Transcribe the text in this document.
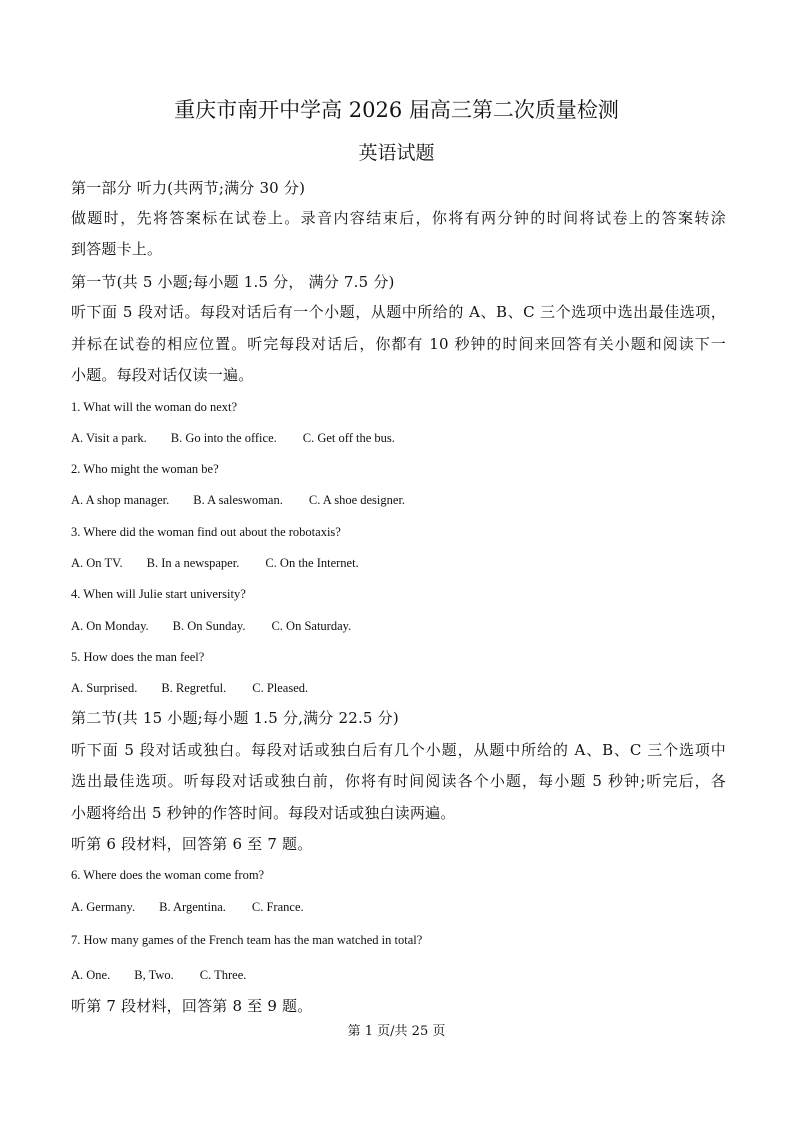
重庆市南开中学高 2026 届高三第二次质量检测
英语试题
第一部分 听力(共两节;满分 30 分)
做题时，先将答案标在试卷上。录音内容结束后，你将有两分钟的时间将试卷上的答案转涂
到答题卡上。
第一节(共 5 小题;每小题 1.5 分， 满分 7.5 分)
听下面 5 段对话。每段对话后有一个小题，从题中所给的 A、B、C 三个选项中选出最佳选项，
并标在试卷的相应位置。听完每段对话后，你都有 10 秒钟的时间来回答有关小题和阅读下一
小题。每段对话仅读一遍。
1. What will the woman do next?
A. Visit a park. B. Go into the office. C. Get off the bus.
2. Who might the woman be?
A. A shop manager. B. A saleswoman. C. A shoe designer.
3. Where did the woman find out about the robotaxis?
A. On TV. B. In a newspaper. C. On the Internet.
4. When will Julie start university?
A. On Monday. B. On Sunday. C. On Saturday.
5. How does the man feel?
A. Surprised. B. Regretful. C. Pleased.
第二节(共 15 小题;每小题 1.5 分,满分 22.5 分)
听下面 5 段对话或独白。每段对话或独白后有几个小题，从题中所给的 A、B、C 三个选项中
选出最佳选项。听每段对话或独白前，你将有时间阅读各个小题，每小题 5 秒钟;听完后，各
小题将给出 5 秒钟的作答时间。每段对话或独白读两遍。
听第 6 段材料，回答第 6 至 7 题。
6. Where does the woman come from?
A. Germany. B. Argentina. C. France.
7. How many games of the French team has the man watched in total?
A. One. B, Two. C. Three.
听第 7 段材料，回答第 8 至 9 题。
第 1 页/共 25 页
